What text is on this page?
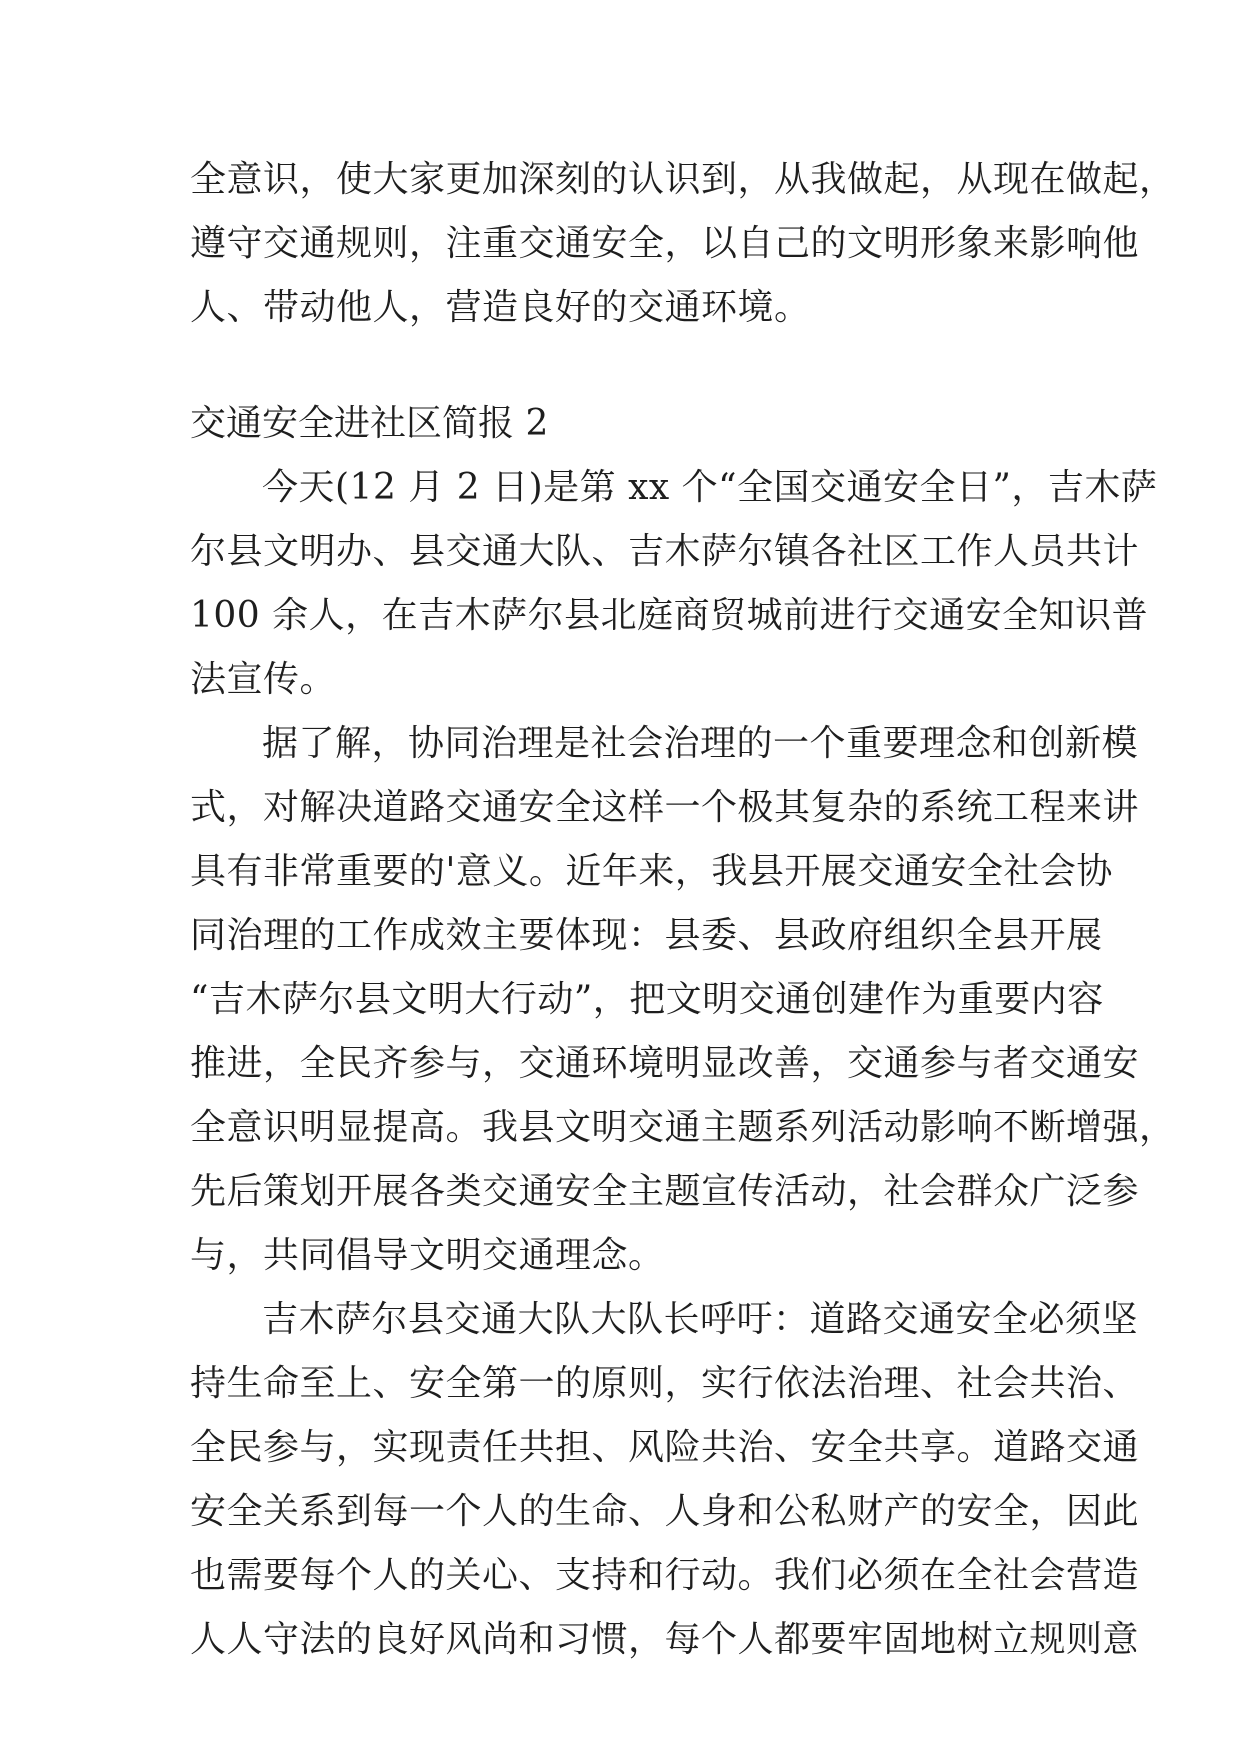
全意识，使大家更加深刻的认识到，从我做起，从现在做起，
遵守交通规则，注重交通安全，以自己的文明形象来影响他
人、带动他人，营造良好的交通环境。
交通安全进社区简报 2
今天(12 月 2 日)是第 xx 个“全国交通安全日”，吉木萨
尔县文明办、县交通大队、吉木萨尔镇各社区工作人员共计
100 余人，在吉木萨尔县北庭商贸城前进行交通安全知识普
法宣传。
据了解，协同治理是社会治理的一个重要理念和创新模
式，对解决道路交通安全这样一个极其复杂的系统工程来讲
具有非常重要的'意义。近年来，我县开展交通安全社会协
同治理的工作成效主要体现：县委、县政府组织全县开展
“吉木萨尔县文明大行动”，把文明交通创建作为重要内容
推进，全民齐参与，交通环境明显改善，交通参与者交通安
全意识明显提高。我县文明交通主题系列活动影响不断增强，
先后策划开展各类交通安全主题宣传活动，社会群众广泛参
与，共同倡导文明交通理念。
吉木萨尔县交通大队大队长呼吁：道路交通安全必须坚
持生命至上、安全第一的原则，实行依法治理、社会共治、
全民参与，实现责任共担、风险共治、安全共享。道路交通
安全关系到每一个人的生命、人身和公私财产的安全，因此
也需要每个人的关心、支持和行动。我们必须在全社会营造
人人守法的良好风尚和习惯，每个人都要牢固地树立规则意
